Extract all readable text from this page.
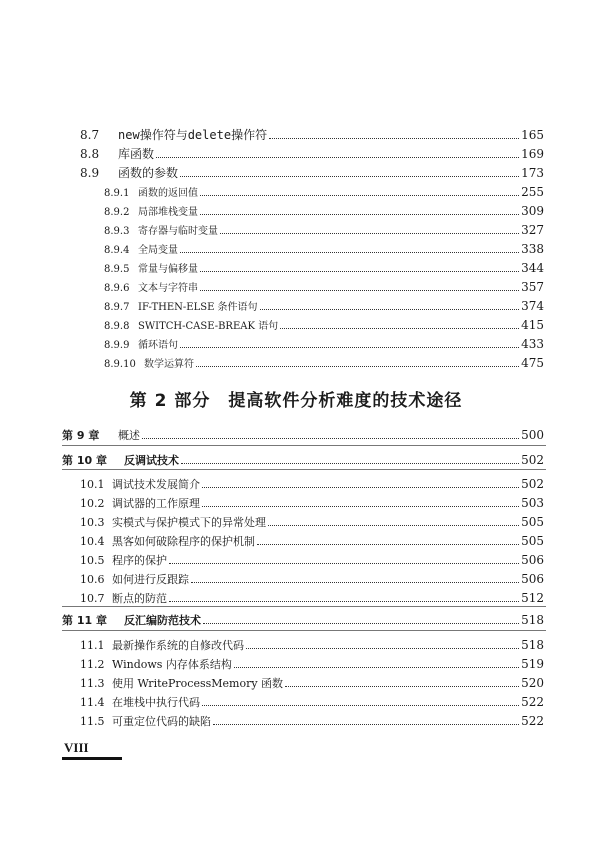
8.7	new操作符与delete操作符	165
8.8	库函数	169
8.9	函数的参数	173
8.9.1 函数的返回值	255
8.9.2 局部堆栈变量	309
8.9.3 寄存器与临时变量	327
8.9.4 全局变量	338
8.9.5 常量与偏移量	344
8.9.6 文本与字符串	357
8.9.7 IF-THEN-ELSE 条件语句	374
8.9.8 SWITCH-CASE-BREAK 语句	415
8.9.9 循环语句	433
8.9.10 数学运算符	475
第 2 部分　提高软件分析难度的技术途径
第 9 章	概述	500
第 10 章	反调试技术	502
10.1 调试技术发展简介	502
10.2 调试器的工作原理	503
10.3 实模式与保护模式下的异常处理	505
10.4 黑客如何破除程序的保护机制	505
10.5 程序的保护	506
10.6 如何进行反跟踪	506
10.7 断点的防范	512
第 11 章	反汇编防范技术	518
11.1 最新操作系统的自修改代码	518
11.2 Windows 内存体系结构	519
11.3 使用 WriteProcessMemory 函数	520
11.4 在堆栈中执行代码	522
11.5 可重定位代码的缺陷	522
VIII
